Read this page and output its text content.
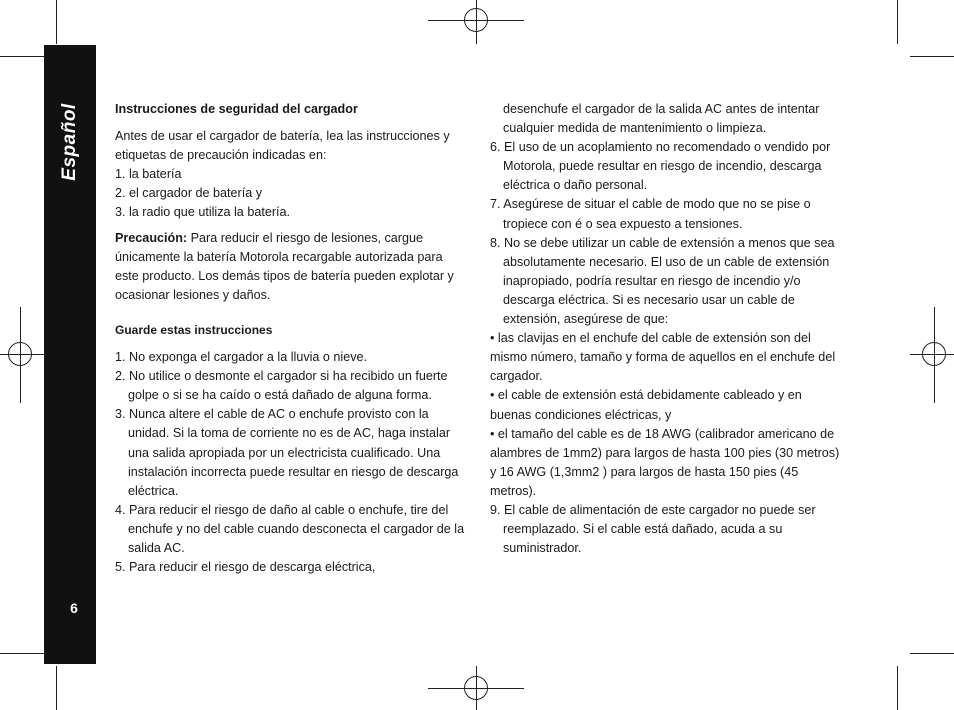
Español
6

Instrucciones de seguridad del cargador

Antes de usar el cargador de batería, lea las instrucciones y etiquetas de precaución indicadas en:

1. la batería

2. el cargador de batería y

3. la radio que utiliza la batería.

Precaución: Para reducir el riesgo de lesiones, cargue únicamente la batería Motorola recargable autorizada para este producto. Los demás tipos de batería pueden explotar y ocasionar lesiones y daños.

Guarde estas instrucciones

1. No exponga el cargador a la lluvia o nieve.

2. No utilice o desmonte el cargador si ha recibido un fuerte golpe o si se ha caído o está dañado de alguna forma.

3. Nunca altere el cable de AC o enchufe provisto con la unidad. Si la toma de corriente no es de AC, haga instalar una salida apropiada por un electricista cualificado. Una instalación incorrecta puede resultar en riesgo de descarga eléctrica.

4. Para reducir el riesgo de daño al cable o enchufe, tire del enchufe y no del cable cuando desconecta el cargador de la salida AC.

5. Para reducir el riesgo de descarga eléctrica,

desenchufe el cargador de la salida AC antes de intentar cualquier medida de mantenimiento o limpieza.

6. El uso de un acoplamiento no recomendado o vendido por Motorola, puede resultar en riesgo de incendio, descarga eléctrica o daño personal.

7. Asegúrese de situar el cable de modo que no se pise o tropiece con é o sea expuesto a tensiones.

8. No se debe utilizar un cable de extensión a menos que sea absolutamente necesario. El uso de un cable de extensión inapropiado, podría resultar en riesgo de incendio y/o descarga eléctrica. Si es necesario usar un cable de extensión, asegúrese de que:

• las clavijas en el enchufe del cable de extensión son del mismo número, tamaño y forma de aquellos en el enchufe del cargador.

• el cable de extensión está debidamente cableado y en buenas condiciones eléctricas, y

• el tamaño del cable es de 18 AWG (calibrador americano de alambres de 1mm2) para largos de hasta 100 pies (30 metros) y 16 AWG (1,3mm2 ) para largos de hasta 150 pies (45 metros).

9. El cable de alimentación de este cargador no puede ser reemplazado. Si el cable está dañado, acuda a su suministrador.
